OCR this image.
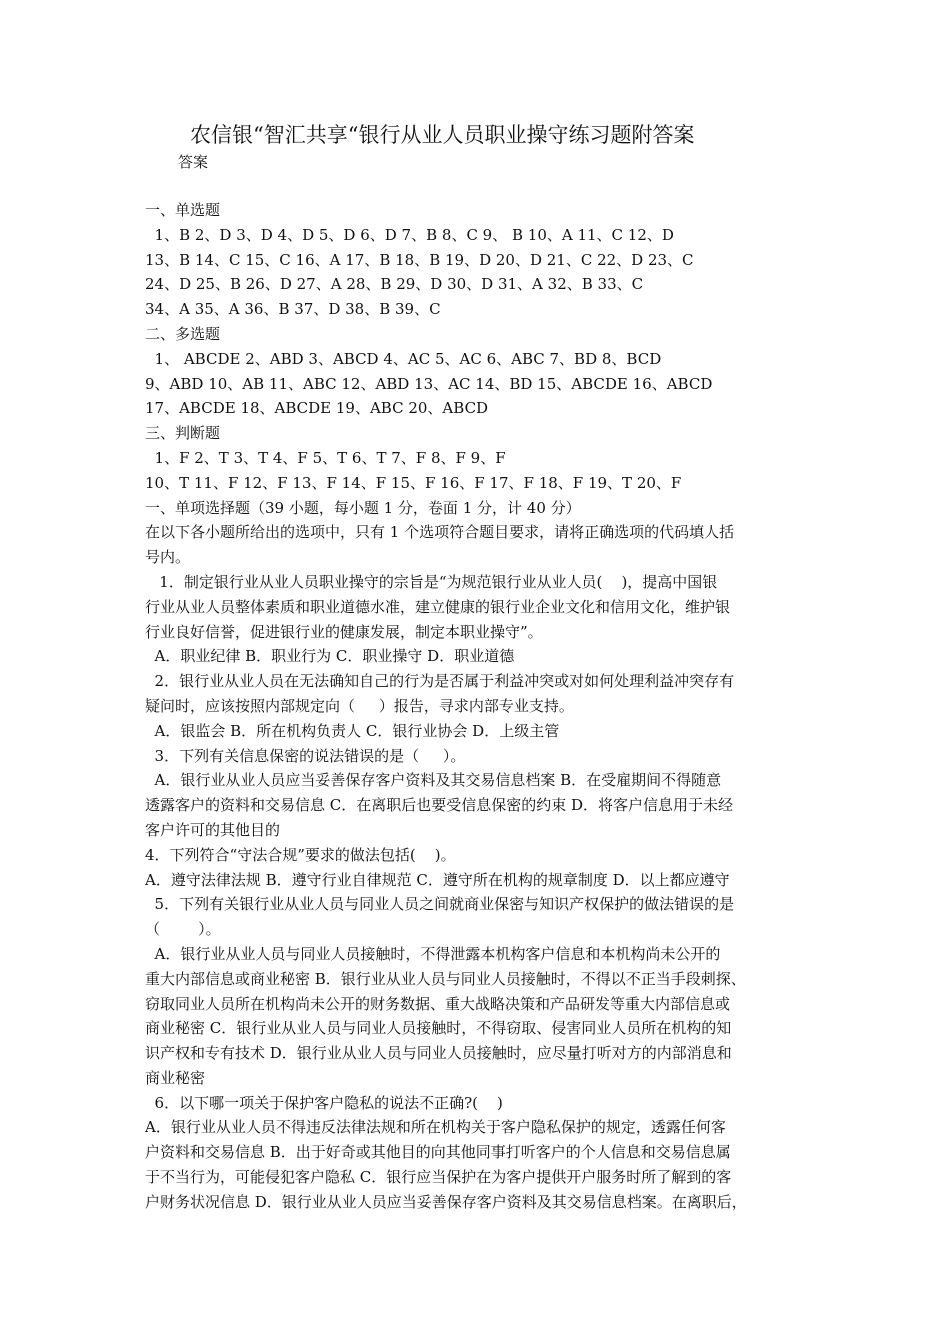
农信银“智汇共享“银行从业人员职业操守练习题附答案
答案
一、单选题
1、B 2、D 3、D 4、D 5、D 6、D 7、B 8、C 9、 B 10、A 11、C 12、D
13、B 14、C 15、C 16、A 17、B 18、B 19、D 20、D 21、C 22、D 23、C
24、D 25、B 26、D 27、A 28、B 29、D 30、D 31、A 32、B 33、C
34、A 35、A 36、B 37、D 38、B 39、C
二、多选题
1、 ABCDE 2、ABD 3、ABCD 4、AC 5、AC 6、ABC 7、BD 8、BCD
9、ABD 10、AB 11、ABC 12、ABD 13、AC 14、BD 15、ABCDE 16、ABCD
17、ABCDE 18、ABCDE 19、ABC 20、ABCD
三、判断题
1、F 2、T 3、T 4、F 5、T 6、T 7、F 8、F 9、F
10、T 11、F 12、F 13、F 14、F 15、F 16、F 17、F 18、F 19、T 20、F
一、单项选择题（39 小题，每小题 1 分，卷面 1 分，计 40 分）
在以下各小题所给出的选项中，只有 1 个选项符合题目要求，请将正确选项的代码填人括
号内。
1．制定银行业从业人员职业操守的宗旨是“为规范银行业从业人员(    )，提高中国银
行业从业人员整体素质和职业道德水准，建立健康的银行业企业文化和信用文化，维护银
行业良好信誉，促进银行业的健康发展，制定本职业操守”。
A．职业纪律 B．职业行为 C．职业操守 D．职业道德
2．银行业从业人员在无法确知自己的行为是否属于利益冲突或对如何处理利益冲突存有
疑问时，应该按照内部规定向（     ）报告，寻求内部专业支持。
A．银监会 B．所在机构负责人 C．银行业协会 D．上级主管
3．下列有关信息保密的说法错误的是（     ）。
A．银行业从业人员应当妥善保存客户资料及其交易信息档案 B．在受雇期间不得随意
透露客户的资料和交易信息 C．在离职后也要受信息保密的约束 D．将客户信息用于未经
客户许可的其他目的
4．下列符合“守法合规”要求的做法包括(    )。
A．遵守法律法规 B．遵守行业自律规范 C．遵守所在机构的规章制度 D．以上都应遵守
5．下列有关银行业从业人员与同业人员之间就商业保密与知识产权保护的做法错误的是
（        ）。
A．银行业从业人员与同业人员接触时，不得泄露本机构客户信息和本机构尚未公开的
重大内部信息或商业秘密 B．银行业从业人员与同业人员接触时，不得以不正当手段刺探、
窃取同业人员所在机构尚未公开的财务数据、重大战略决策和产品研发等重大内部信息或
商业秘密 C．银行业从业人员与同业人员接触时，不得窃取、侵害同业人员所在机构的知
识产权和专有技术 D．银行业从业人员与同业人员接触时，应尽量打听对方的内部消息和
商业秘密
6．以下哪一项关于保护客户隐私的说法不正确?(    )
A．银行业从业人员不得违反法律法规和所在机构关于客户隐私保护的规定，透露任何客
户资料和交易信息 B．出于好奇或其他目的向其他同事打听客户的个人信息和交易信息属
于不当行为，可能侵犯客户隐私 C．银行应当保护在为客户提供开户服务时所了解到的客
户财务状况信息 D．银行业从业人员应当妥善保存客户资料及其交易信息档案。在离职后，
